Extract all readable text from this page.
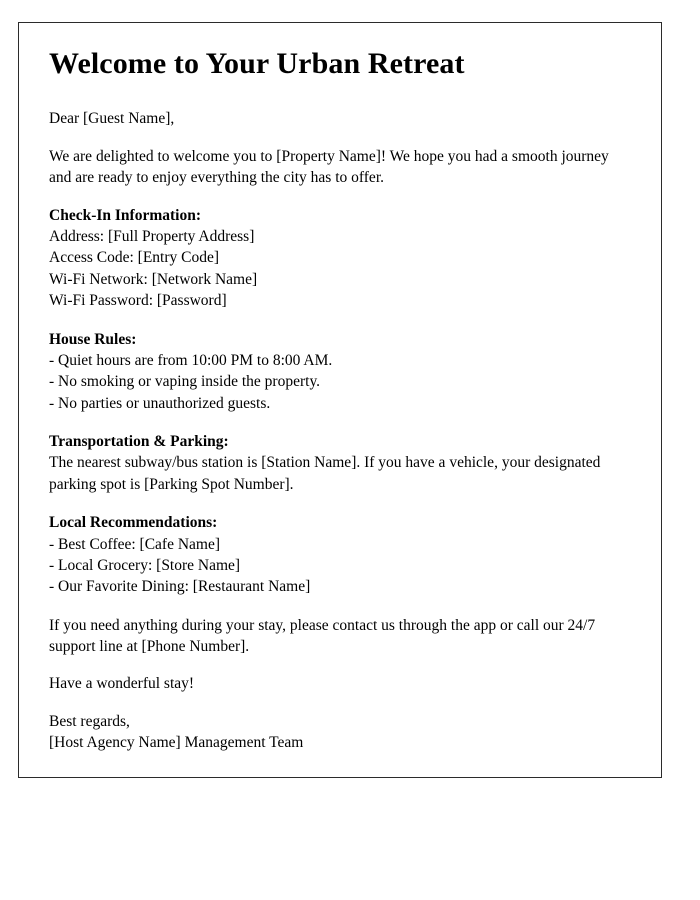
Welcome to Your Urban Retreat

Dear [Guest Name],

We are delighted to welcome you to [Property Name]! We hope you had a smooth journey and are ready to enjoy everything the city has to offer.

Check-In Information:

Address: [Full Property Address]

Access Code: [Entry Code]

Wi-Fi Network: [Network Name]

Wi-Fi Password: [Password]

House Rules:

- Quiet hours are from 10:00 PM to 8:00 AM.

- No smoking or vaping inside the property.

- No parties or unauthorized guests.

Transportation & Parking:

The nearest subway/bus station is [Station Name]. If you have a vehicle, your designated parking spot is [Parking Spot Number].

Local Recommendations:

- Best Coffee: [Cafe Name]

- Local Grocery: [Store Name]

- Our Favorite Dining: [Restaurant Name]

If you need anything during your stay, please contact us through the app or call our 24/7 support line at [Phone Number].

Have a wonderful stay!

Best regards,

[Host Agency Name] Management Team
